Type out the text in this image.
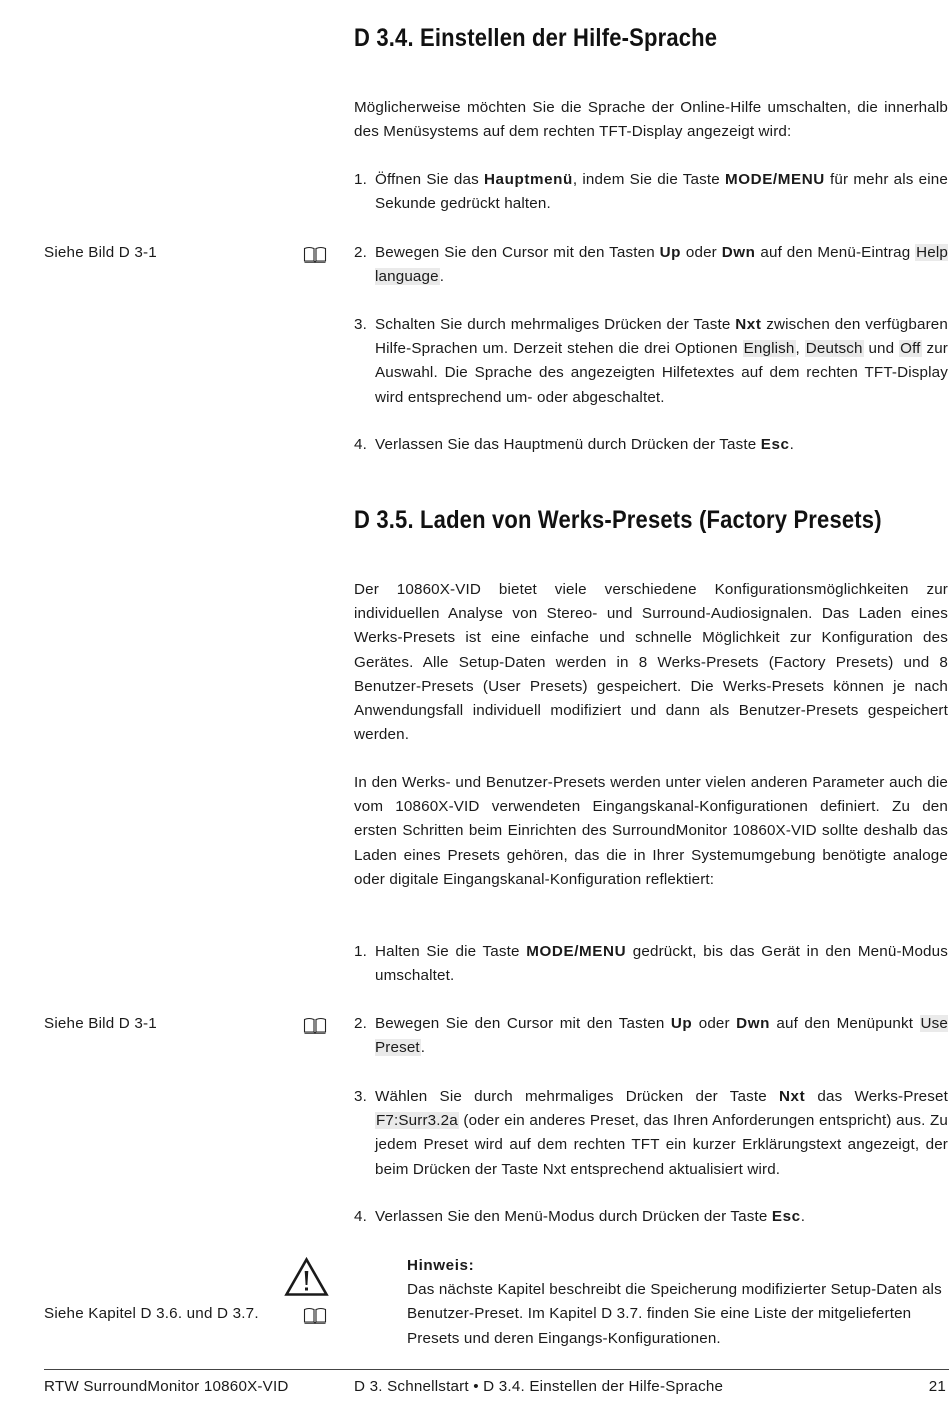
D 3.4. Einstellen der Hilfe-Sprache

Möglicherweise möchten Sie die Sprache der Online-Hilfe umschalten, die innerhalb des Menüsystems auf dem rechten TFT-Display angezeigt wird:

1. Öffnen Sie das Hauptmenü, indem Sie die Taste MODE/MENU für mehr als eine Sekunde gedrückt halten.
2. Bewegen Sie den Cursor mit den Tasten Up oder Dwn auf den Menü-Eintrag Help language.
3. Schalten Sie durch mehrmaliges Drücken der Taste Nxt zwischen den verfügbaren Hilfe-Sprachen um. Derzeit stehen die drei Optionen English, Deutsch und Off zur Auswahl. Die Sprache des angezeigten Hilfetextes auf dem rechten TFT-Display wird entsprechend um- oder abgeschaltet.
4. Verlassen Sie das Hauptmenü durch Drücken der Taste Esc.
Siehe Bild D 3-1
D 3.5. Laden von Werks-Presets (Factory Presets)

Der 10860X-VID bietet viele verschiedene Konfigurationsmöglichkeiten zur individuellen Analyse von Stereo- und Surround-Audiosignalen. Das Laden eines Werks-Presets ist eine einfache und schnelle Möglichkeit zur Konfiguration des Gerätes. Alle Setup-Daten werden in 8 Werks-Presets (Factory Presets) und 8 Benutzer-Presets (User Presets) gespeichert. Die Werks-Presets können je nach Anwendungsfall individuell modifiziert und dann als Benutzer-Presets gespeichert werden.

In den Werks- und Benutzer-Presets werden unter vielen anderen Parameter auch die vom 10860X-VID verwendeten Eingangskanal-Konfigurationen definiert. Zu den ersten Schritten beim Einrichten des SurroundMonitor 10860X-VID sollte deshalb das Laden eines Presets gehören, das die in Ihrer Systemumgebung benötigte analoge oder digitale Eingangskanal-Konfiguration reflektiert:

1. Halten Sie die Taste MODE/MENU gedrückt, bis das Gerät in den Menü-Modus umschaltet.
2. Bewegen Sie den Cursor mit den Tasten Up oder Dwn auf den Menüpunkt Use Preset.
3. Wählen Sie durch mehrmaliges Drücken der Taste Nxt das Werks-Preset F7:Surr3.2a (oder ein anderes Preset, das Ihren Anforderungen entspricht) aus. Zu jedem Preset wird auf dem rechten TFT ein kurzer Erklärungstext angezeigt, der beim Drücken der Taste Nxt entsprechend aktualisiert wird.
4. Verlassen Sie den Menü-Modus durch Drücken der Taste Esc.
Hinweis:
Das nächste Kapitel beschreibt die Speicherung modifizierter Setup-Daten als Benutzer-Preset. Im Kapitel D 3.7. finden Sie eine Liste der mitgelieferten Presets und deren Eingangs-Konfigurationen.
Siehe Bild D 3-1
Siehe Kapitel D 3.6. und D 3.7.
RTW SurroundMonitor 10860X-VID	D 3. Schnellstart • D 3.4. Einstellen der Hilfe-Sprache	21
